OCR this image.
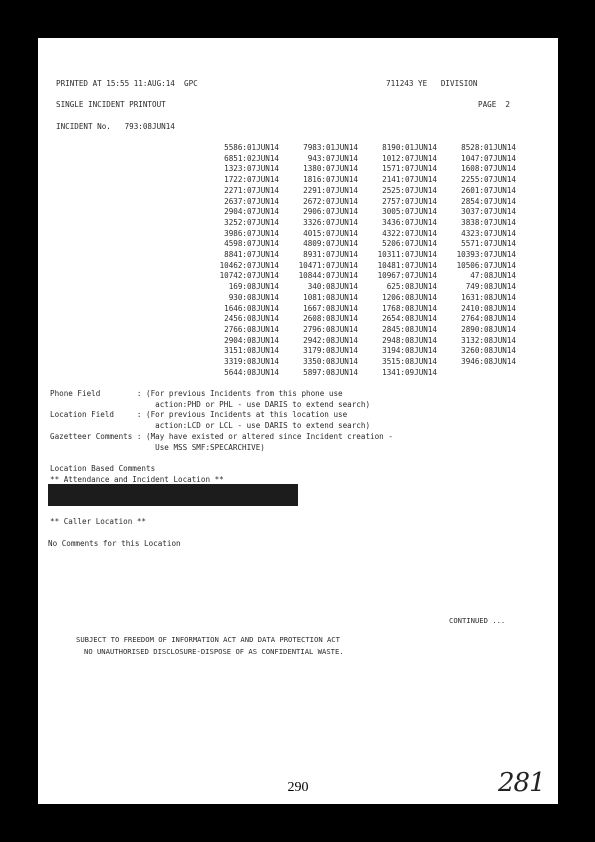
PRINTED AT 15:55 11:AUG:14  GPC	711243 YE   DIVISION
SINGLE INCIDENT PRINTOUT	PAGE  2
INCIDENT No.   793:08JUN14
5586:01JUN14	7983:01JUN14	8190:01JUN14	8528:01JUN14
6851:02JUN14	943:07JUN14	1012:07JUN14	1047:07JUN14
1323:07JUN14	1380:07JUN14	1571:07JUN14	1608:07JUN14
1722:07JUN14	1816:07JUN14	2141:07JUN14	2255:07JUN14
2271:07JUN14	2291:07JUN14	2525:07JUN14	2601:07JUN14
2637:07JUN14	2672:07JUN14	2757:07JUN14	2854:07JUN14
2904:07JUN14	2906:07JUN14	3005:07JUN14	3037:07JUN14
3252:07JUN14	3326:07JUN14	3436:07JUN14	3838:07JUN14
3986:07JUN14	4015:07JUN14	4322:07JUN14	4323:07JUN14
4598:07JUN14	4809:07JUN14	5206:07JUN14	5571:07JUN14
8841:07JUN14	8931:07JUN14	10311:07JUN14	10393:07JUN14
10462:07JUN14	10471:07JUN14	10481:07JUN14	10506:07JUN14
10742:07JUN14	10844:07JUN14	10967:07JUN14	47:08JUN14
169:08JUN14	340:08JUN14	625:08JUN14	749:08JUN14
930:08JUN14	1081:08JUN14	1206:08JUN14	1631:08JUN14
1646:08JUN14	1667:08JUN14	1768:08JUN14	2410:08JUN14
2456:08JUN14	2608:08JUN14	2654:08JUN14	2764:08JUN14
2766:08JUN14	2796:08JUN14	2845:08JUN14	2890:08JUN14
2904:08JUN14	2942:08JUN14	2948:08JUN14	3132:08JUN14
3151:08JUN14	3179:08JUN14	3194:08JUN14	3260:08JUN14
3319:08JUN14	3350:08JUN14	3515:08JUN14	3946:08JUN14
5644:08JUN14	5897:08JUN14	1341:09JUN14
Phone Field        : (For previous Incidents from this phone use
action:PHD or PHL - use DARIS to extend search)
Location Field     : (For previous Incidents at this location use
action:LCD or LCL - use DARIS to extend search)
Gazetteer Comments : (May have existed or altered since Incident creation -
Use MSS SMF:SPECARCHIVE)
Location Based Comments
** Attendance and Incident Location **
** Caller Location **
No Comments for this Location
CONTINUED ...
SUBJECT TO FREEDOM OF INFORMATION ACT AND DATA PROTECTION ACT
NO UNAUTHORISED DISCLOSURE-DISPOSE OF AS CONFIDENTIAL WASTE.
290	281
